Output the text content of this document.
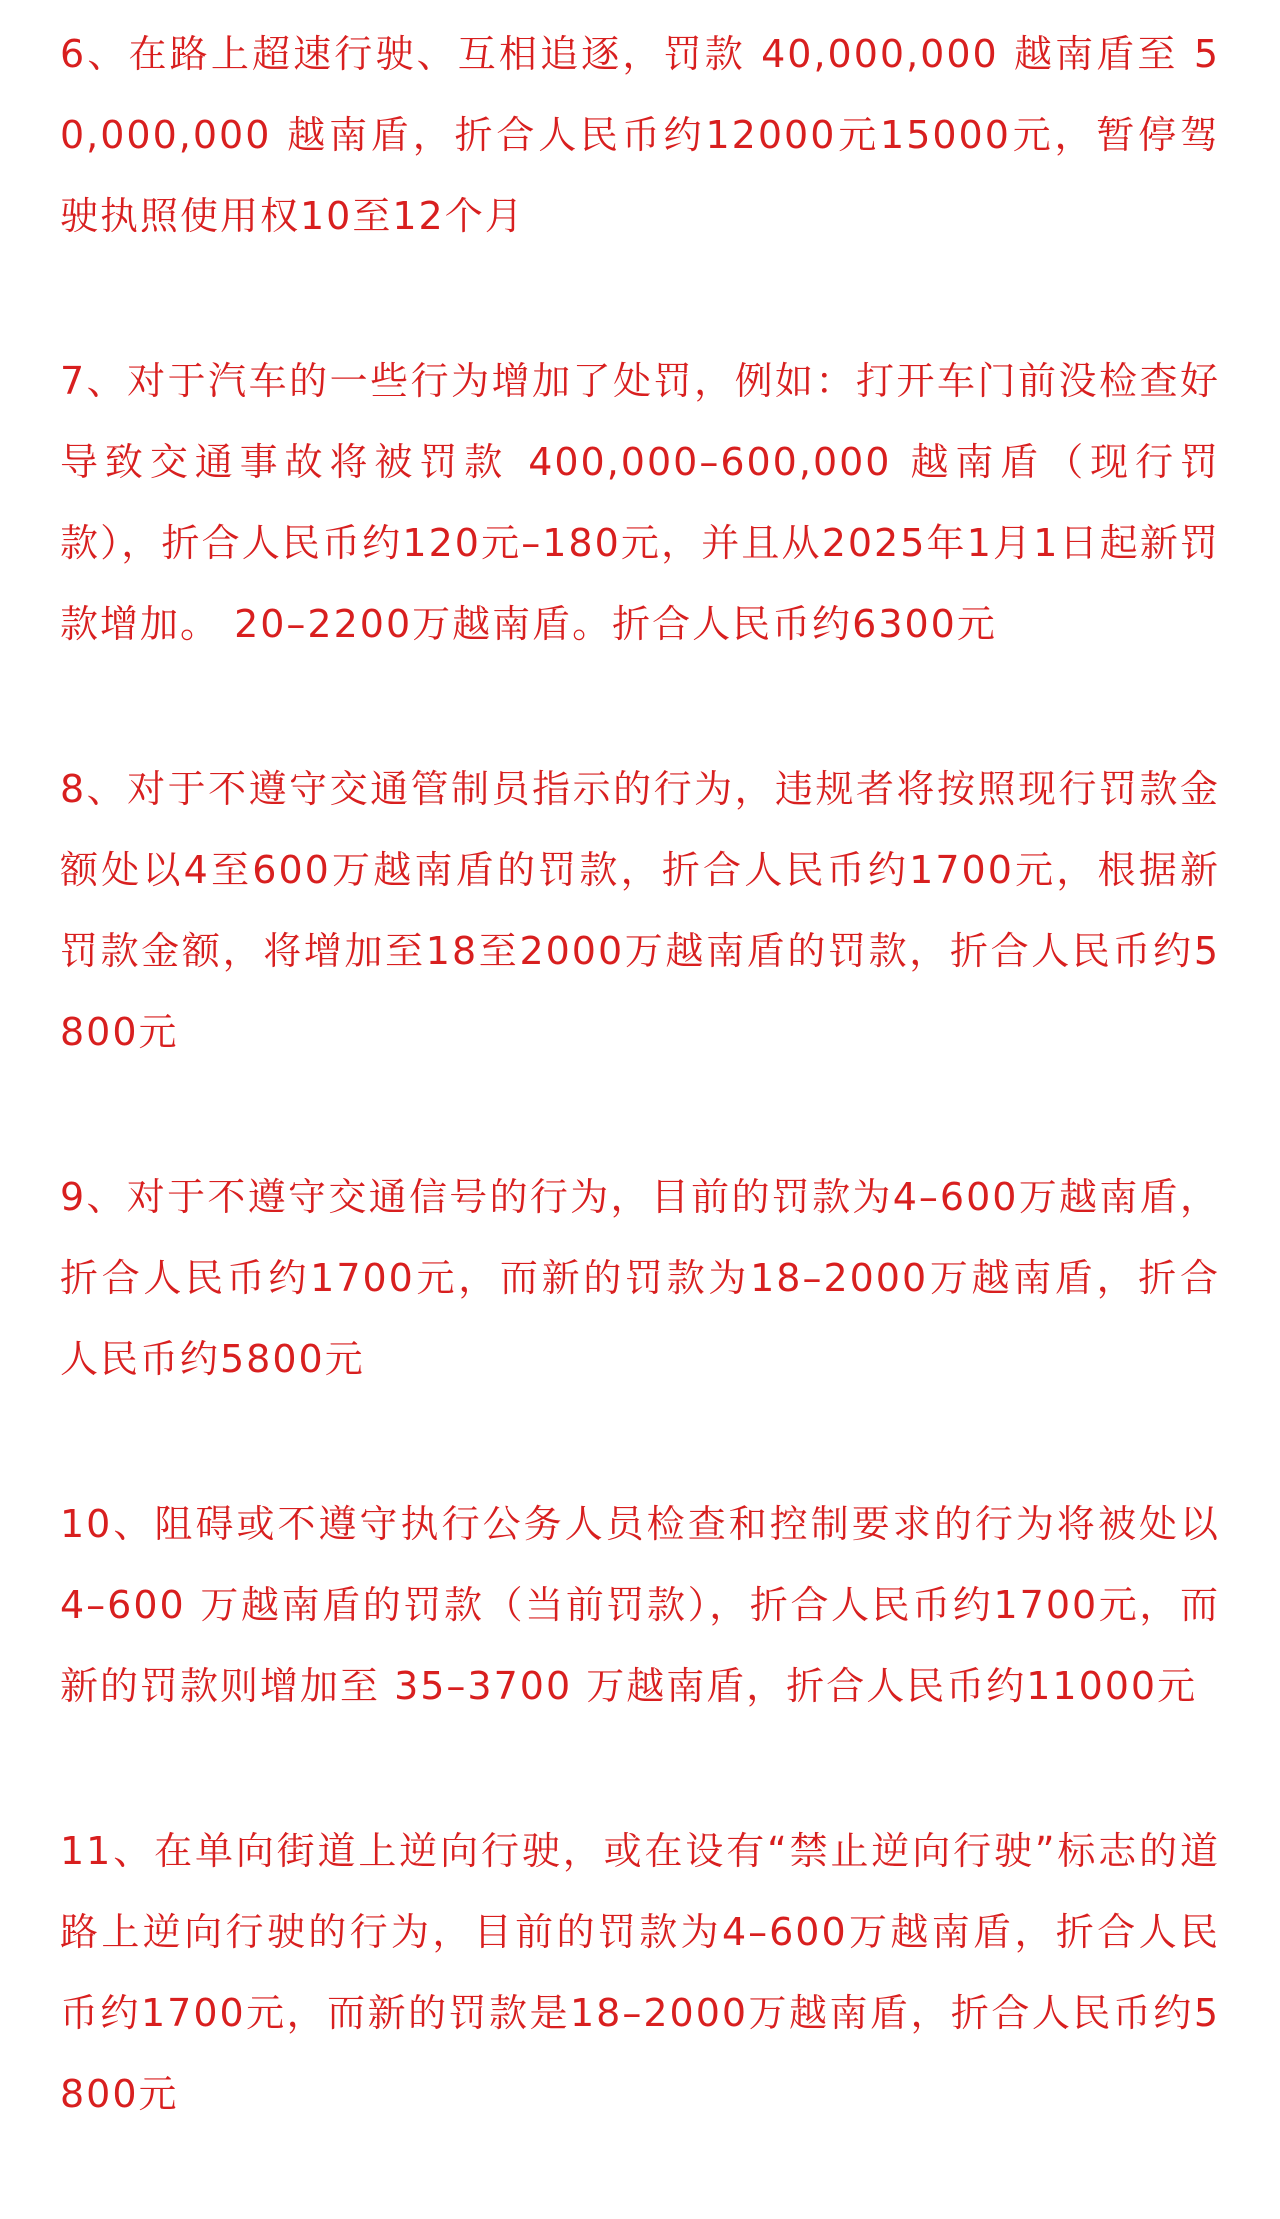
6、在路上超速行驶、互相追逐，罚款 40,000,000 越南盾至 50,000,000 越南盾，折合人民币约12000元15000元，暂停驾驶执照使用权10至12个月

7、对于汽车的一些行为增加了处罚，例如：打开车门前没检查好导致交通事故将被罚款 400,000–600,000 越南盾（现行罚款），折合人民币约120元–180元，并且从2025年1月1日起新罚款增加。 20–2200万越南盾。折合人民币约6300元

8、对于不遵守交通管制员指示的行为，违规者将按照现行罚款金额处以4至600万越南盾的罚款，折合人民币约1700元，根据新罚款金额，将增加至18至2000万越南盾的罚款，折合人民币约5800元

9、对于不遵守交通信号的行为，目前的罚款为4–600万越南盾，折合人民币约1700元，而新的罚款为18–2000万越南盾，折合人民币约5800元

10、阻碍或不遵守执行公务人员检查和控制要求的行为将被处以 4–600 万越南盾的罚款（当前罚款），折合人民币约1700元，而新的罚款则增加至 35–3700 万越南盾，折合人民币约11000元

11、在单向街道上逆向行驶，或在设有“禁止逆向行驶”标志的道路上逆向行驶的行为，目前的罚款为4–600万越南盾，折合人民币约1700元，而新的罚款是18–2000万越南盾，折合人民币约5800元
